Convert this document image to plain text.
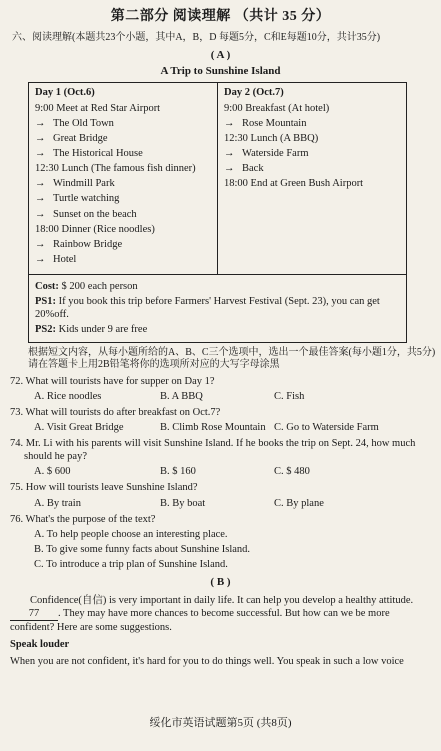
第二部分 阅读理解 （共计 35 分）
六、阅读理解(本题共23个小题，其中A，B，D 每题5分，C和E每题10分，共计35分)
( A )
A Trip to Sunshine Island
Day 1 (Oct.6)
9:00 Meet at Red Star Airport
→ The Old Town
→ Great Bridge
→ The Historical House
12:30 Lunch (The famous fish dinner)
→ Windmill Park
→ Turtle watching
→ Sunset on the beach
18:00 Dinner (Rice noodles)
→ Rainbow Bridge
→ Hotel
Day 2 (Oct.7)
9:00 Breakfast (At hotel)
→ Rose Mountain
12:30 Lunch (A BBQ)
→ Waterside Farm
→ Back
18:00 End at Green Bush Airport
Cost: $ 200 each person
PS1: If you book this trip before Farmers' Harvest Festival (Sept. 23), you can get 20%off.
PS2: Kids under 9 are free
根据短文内容，从每小题所给的A、B、C三个选项中，选出一个最佳答案(每小题1分，共5分)请在答题卡上用2B铅笔将你的选项所对应的大写字母涂黑
72. What will tourists have for supper on Day 1?
A. Rice noodles	B. A BBQ	C. Fish
73. What will tourists do after breakfast on Oct.7?
A. Visit Great Bridge	B. Climb Rose Mountain C. Go to Waterside Farm
74. Mr. Li with his parents will visit Sunshine Island. If he books the trip on Sept. 24, how much should he pay?
A. $ 600	B. $ 160	C. $ 480
75. How will tourists leave Sunshine Island?
A. By train	B. By boat	C. By plane
76. What's the purpose of the text?
A. To help people choose an interesting place.
B. To give some funny facts about Sunshine Island.
C. To introduce a trip plan of Sunshine Island.
( B )
Confidence(自信) is very important in daily life. It can help you develop a healthy attitude. 77 . They may have more chances to become successful. But how can we be more confident? Here are some suggestions.
Speak louder
When you are not confident, it's hard for you to do things well. You speak in such a low voice
绥化市英语试题第5页 (共8页)
